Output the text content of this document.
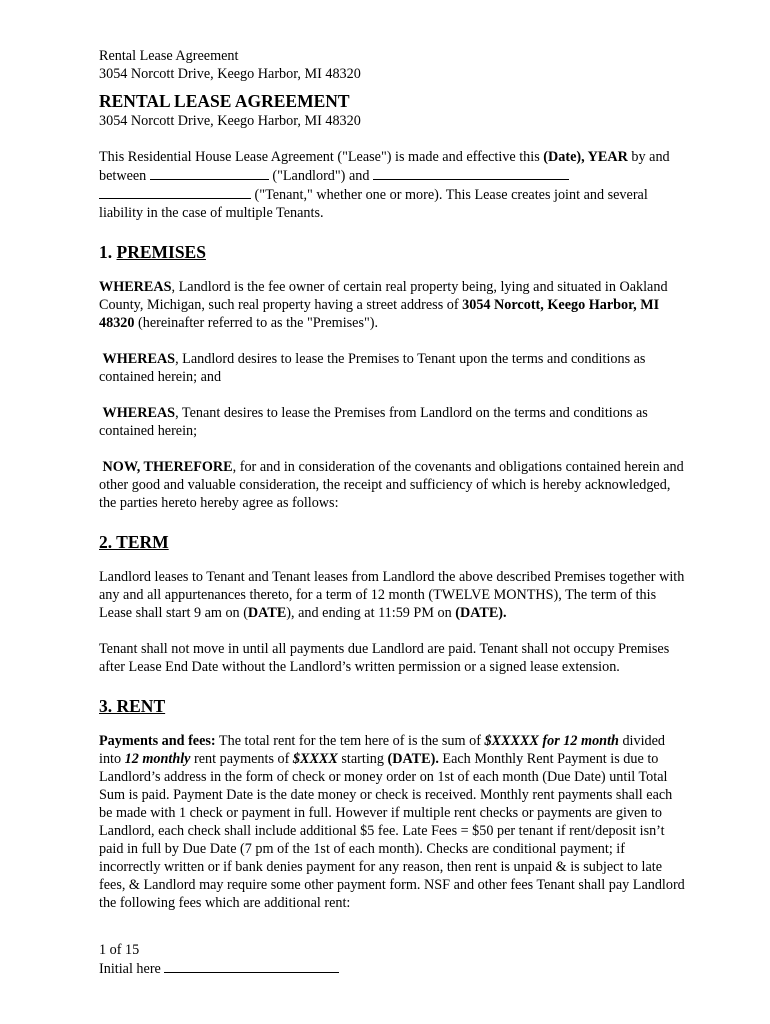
Rental Lease Agreement
3054 Norcott Drive, Keego Harbor, MI 48320
RENTAL LEASE AGREEMENT
3054 Norcott Drive, Keego Harbor, MI 48320

This Residential House Lease Agreement ("Lease") is made and effective this (Date), YEAR by and between	("Landlord") and
("Tenant," whether one or more). This Lease creates joint and several liability in the case of multiple Tenants.

1. PREMISES

WHEREAS, Landlord is the fee owner of certain real property being, lying and situated in Oakland County, Michigan, such real property having a street address of 3054 Norcott, Keego Harbor, MI 48320 (hereinafter referred to as the "Premises").

WHEREAS, Landlord desires to lease the Premises to Tenant upon the terms and conditions as contained herein; and

WHEREAS, Tenant desires to lease the Premises from Landlord on the terms and conditions as contained herein;

NOW, THEREFORE, for and in consideration of the covenants and obligations contained herein and other good and valuable consideration, the receipt and sufficiency of which is hereby acknowledged, the parties hereto hereby agree as follows:

2. TERM

Landlord leases to Tenant and Tenant leases from Landlord the above described Premises together with any and all appurtenances thereto, for a term of 12 month (TWELVE MONTHS), The term of this Lease shall start 9 am on (DATE), and ending at 11:59 PM on (DATE).

Tenant shall not move in until all payments due Landlord are paid. Tenant shall not occupy Premises after Lease End Date without the Landlord’s written permission or a signed lease extension.

3. RENT

Payments and fees: The total rent for the tem here of is the sum of $XXXXX for 12 month divided into 12 monthly rent payments of $XXXX starting (DATE). Each Monthly Rent Payment is due to Landlord’s address in the form of check or money order on 1st of each month (Due Date) until Total Sum is paid. Payment Date is the date money or check is received. Monthly rent payments shall each be made with 1 check or payment in full. However if multiple rent checks or payments are given to Landlord, each check shall include additional $5 fee. Late Fees = $50 per tenant if rent/deposit isn’t paid in full by Due Date (7 pm of the 1st of each month). Checks are conditional payment; if incorrectly written or if bank denies payment for any reason, then rent is unpaid & is subject to late fees, & Landlord may require some other payment form. NSF and other fees Tenant shall pay Landlord the following fees which are additional rent:

1 of 15
Initial here
